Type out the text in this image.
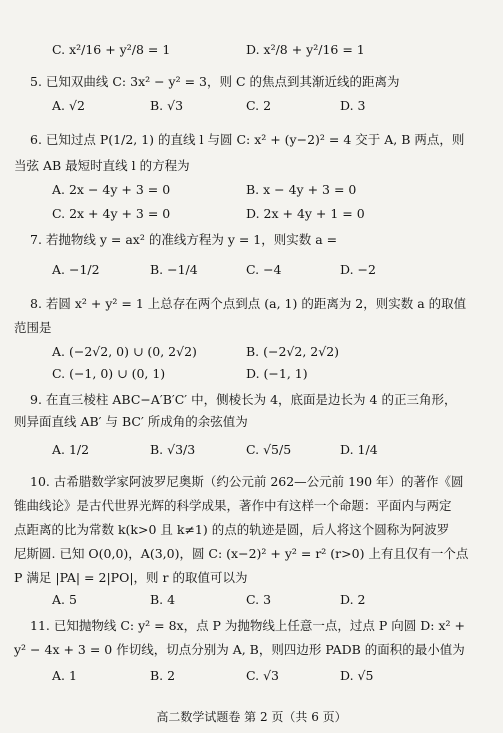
C. x²/16 + y²/8 = 1	D. x²/8 + y²/16 = 1
5. 已知双曲线 C: 3x² − y² = 3，则 C 的焦点到其渐近线的距离为
A. √2	B. √3	C. 2	D. 3
6. 已知过点 P(1/2, 1) 的直线 l 与圆 C: x² + (y−2)² = 4 交于 A, B 两点，则
当弦 AB 最短时直线 l 的方程为
A. 2x − 4y + 3 = 0	B. x − 4y + 3 = 0
C. 2x + 4y + 3 = 0	D. 2x + 4y + 1 = 0
7. 若抛物线 y = ax² 的准线方程为 y = 1，则实数 a =
A. −1/2	B. −1/4	C. −4	D. −2
8. 若圆 x² + y² = 1 上总存在两个点到点 (a, 1) 的距离为 2，则实数 a 的取值
范围是
A. (−2√2, 0) ∪ (0, 2√2)	B. (−2√2, 2√2)
C. (−1, 0) ∪ (0, 1)	D. (−1, 1)
9. 在直三棱柱 ABC−A′B′C′ 中，侧棱长为 4，底面是边长为 4 的正三角形，
则异面直线 AB′ 与 BC′ 所成角的余弦值为
A. 1/2	B. √3/3	C. √5/5	D. 1/4
10. 古希腊数学家阿波罗尼奥斯（约公元前 262—公元前 190 年）的著作《圆
锥曲线论》是古代世界光辉的科学成果，著作中有这样一个命题：平面内与两定
点距离的比为常数 k(k>0 且 k≠1) 的点的轨迹是圆，后人将这个圆称为阿波罗
尼斯圆. 已知 O(0,0)，A(3,0)，圆 C: (x−2)² + y² = r² (r>0) 上有且仅有一个点
P 满足 |PA| = 2|PO|，则 r 的取值可以为
A. 5	B. 4	C. 3	D. 2
11. 已知抛物线 C: y² = 8x，点 P 为抛物线上任意一点，过点 P 向圆 D: x² +
y² − 4x + 3 = 0 作切线，切点分别为 A, B，则四边形 PADB 的面积的最小值为
A. 1	B. 2	C. √3	D. √5
高二数学试题卷 第 2 页（共 6 页）
